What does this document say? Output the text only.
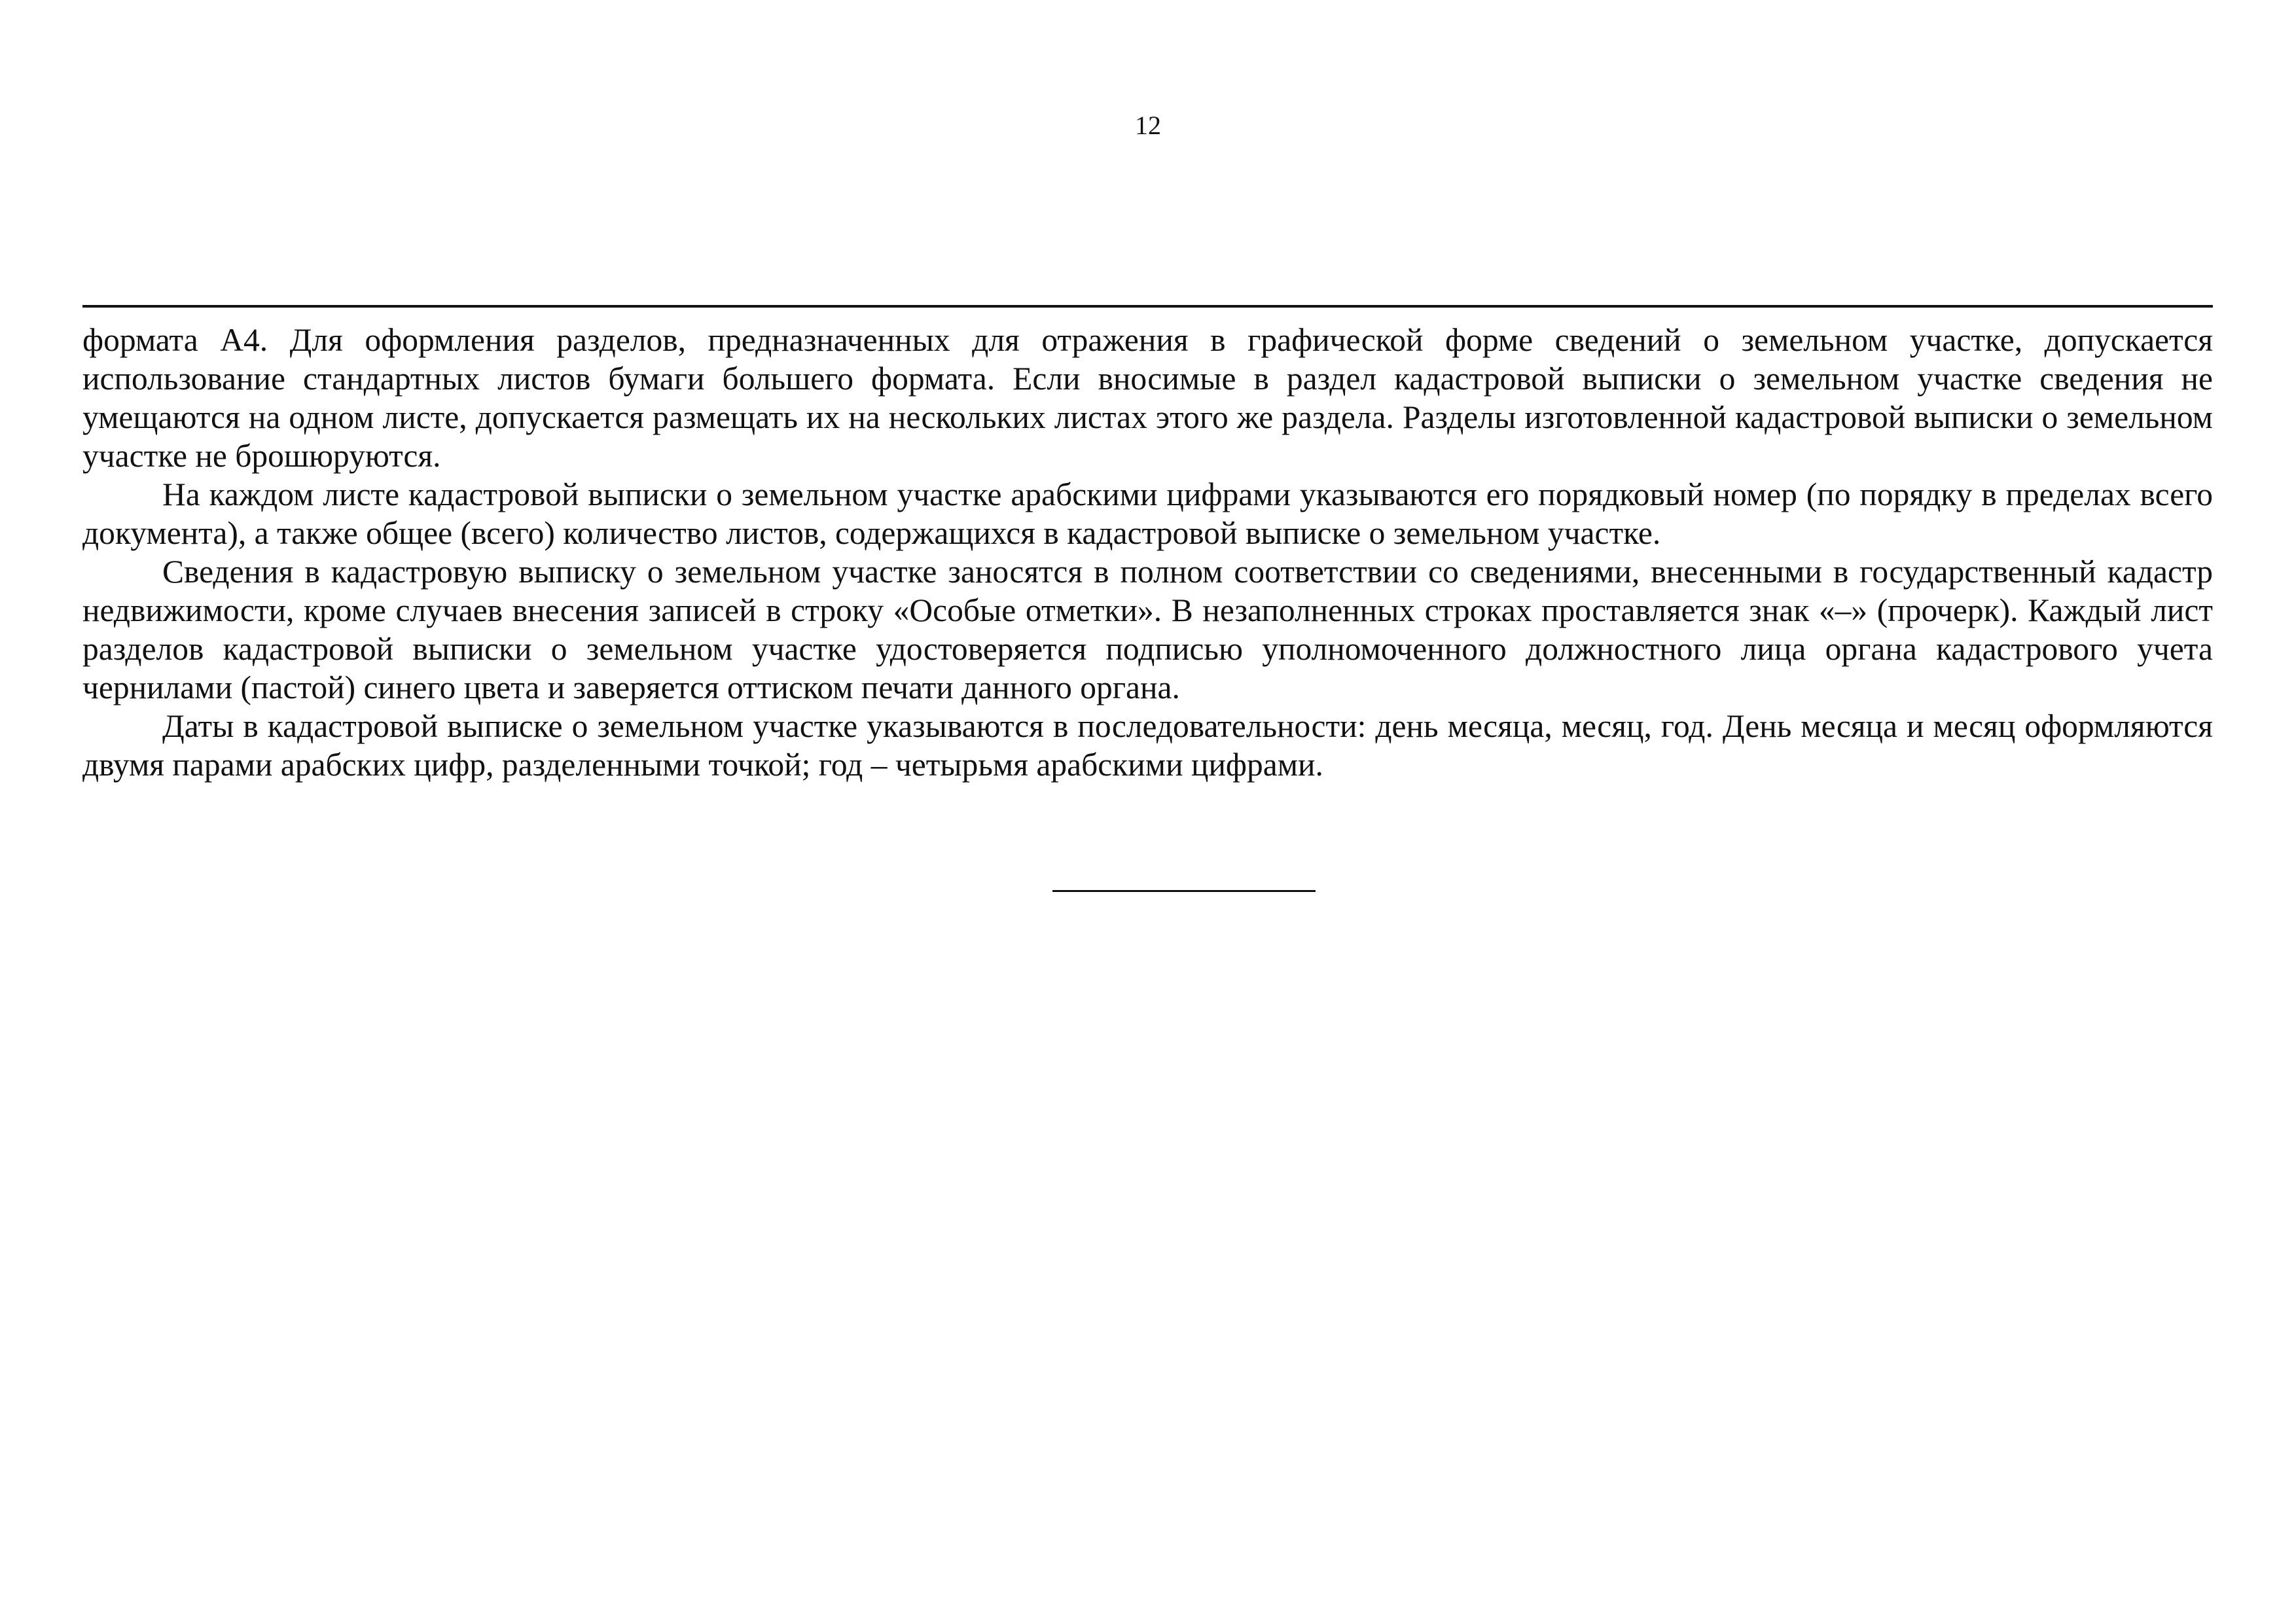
12

формата А4. Для оформления разделов, предназначенных для отражения в графической форме сведений о земельном участке, допускается использование стандартных листов бумаги большего формата. Если вносимые в раздел кадастровой выписки о земельном участке сведения не умещаются на одном листе, допускается размещать их на нескольких листах этого же раздела. Разделы изготовленной кадастровой выписки о земельном участке не брошюруются.

На каждом листе кадастровой выписки о земельном участке арабскими цифрами указываются его порядковый номер (по порядку в пределах всего документа), а также общее (всего) количество листов, содержащихся в кадастровой выписке о земельном участке.

Сведения в кадастровую выписку о земельном участке заносятся в полном соответствии со сведениями, внесенными в государственный кадастр недвижимости, кроме случаев внесения записей в строку «Особые отметки». В незаполненных строках проставляется знак «–» (прочерк). Каждый лист разделов кадастровой выписки о земельном участке удостоверяется подписью уполномоченного должностного лица органа кадастрового учета чернилами (пастой) синего цвета и заверяется оттиском печати данного органа.

Даты в кадастровой выписке о земельном участке указываются в последовательности: день месяца, месяц, год. День месяца и месяц оформляются двумя парами арабских цифр, разделенными точкой; год – четырьмя арабскими цифрами.
